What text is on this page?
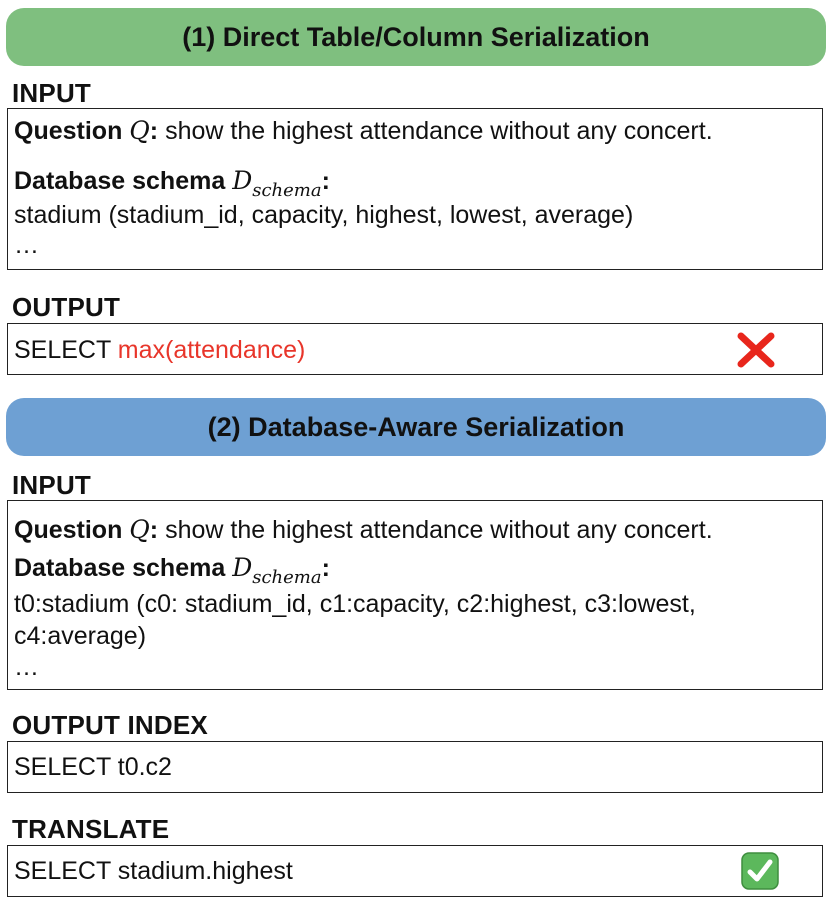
(1) Direct Table/Column Serialization
INPUT
Question Q: show the highest attendance without any concert.
Database schema $D_{schema}$:
stadium (stadium_id, capacity, highest, lowest, average)
…
OUTPUT
SELECT max(attendance)
(2) Database-Aware Serialization
INPUT
Question Q: show the highest attendance without any concert.
Database schema $D_{schema}$:
t0:stadium (c0: stadium_id, c1:capacity, c2:highest, c3:lowest,
c4:average)
…
OUTPUT INDEX
SELECT t0.c2
TRANSLATE
SELECT stadium.highest
